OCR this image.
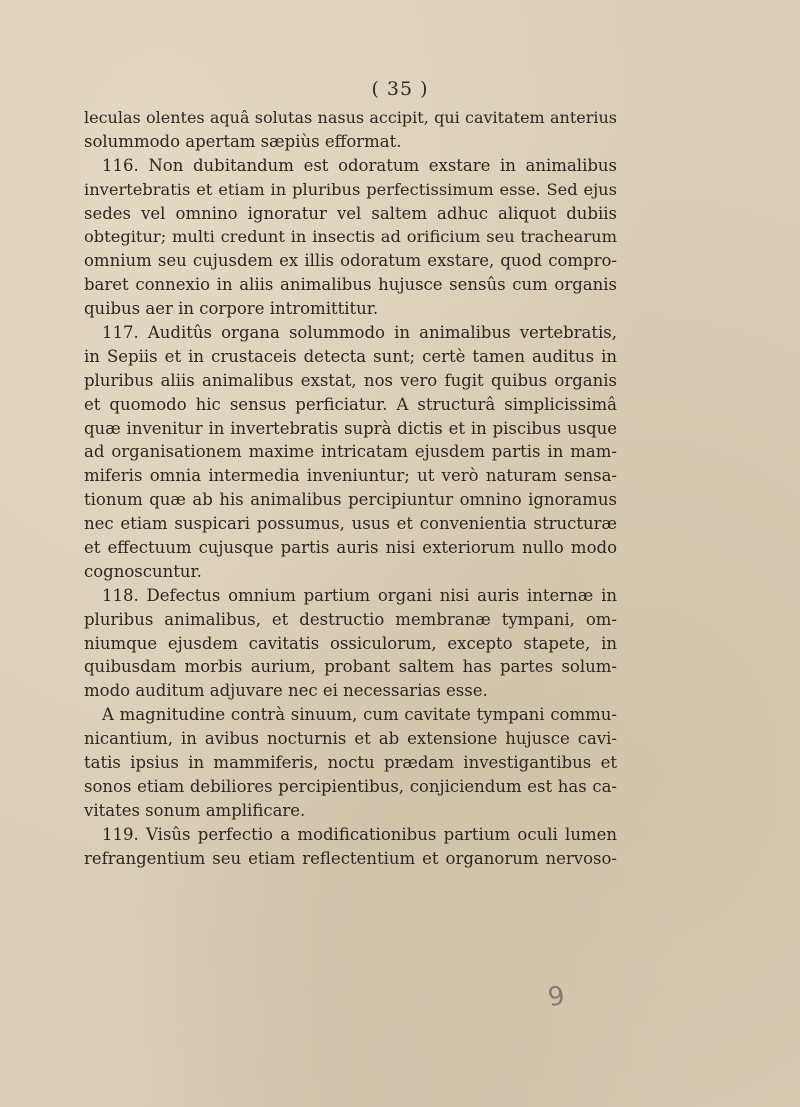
( 35 )
leculas olentes aquâ solutas nasus accipit, qui cavitatem anterius
solummodo apertam sæpiùs efformat.
116. Non dubitandum est odoratum exstare in animalibus
invertebratis et etiam in pluribus perfectissimum esse. Sed ejus
sedes vel omnino ignoratur vel saltem adhuc aliquot dubiis
obtegitur; multi credunt in insectis ad orificium seu trachearum
omnium seu cujusdem ex illis odoratum exstare, quod compro-
baret connexio in aliis animalibus hujusce sensûs cum organis
quibus aer in corpore intromittitur.
117. Auditûs organa solummodo in animalibus vertebratis,
in Sepiis et in crustaceis detecta sunt; certè tamen auditus in
pluribus aliis animalibus exstat, nos vero fugit quibus organis
et quomodo hic sensus perficiatur. A structurâ simplicissimâ
quæ invenitur in invertebratis suprà dictis et in piscibus usque
ad organisationem maxime intricatam ejusdem partis in mam-
miferis omnia intermedia inveniuntur; ut verò naturam sensa-
tionum quæ ab his animalibus percipiuntur omnino ignoramus
nec etiam suspicari possumus, usus et convenientia structuræ
et effectuum cujusque partis auris nisi exteriorum nullo modo
cognoscuntur.
118. Defectus omnium partium organi nisi auris internæ in
pluribus animalibus, et destructio membranæ tympani, om-
niumque ejusdem cavitatis ossiculorum, excepto stapete, in
quibusdam morbis aurium, probant saltem has partes solum-
modo auditum adjuvare nec ei necessarias esse.
A magnitudine contrà sinuum, cum cavitate tympani commu-
nicantium, in avibus nocturnis et ab extensione hujusce cavi-
tatis ipsius in mammiferis, noctu prædam investigantibus et
sonos etiam debiliores percipientibus, conjiciendum est has ca-
vitates sonum amplificare.
119. Visûs perfectio a modificationibus partium oculi lumen
refrangentium seu etiam reflectentium et organorum nervoso-
9
